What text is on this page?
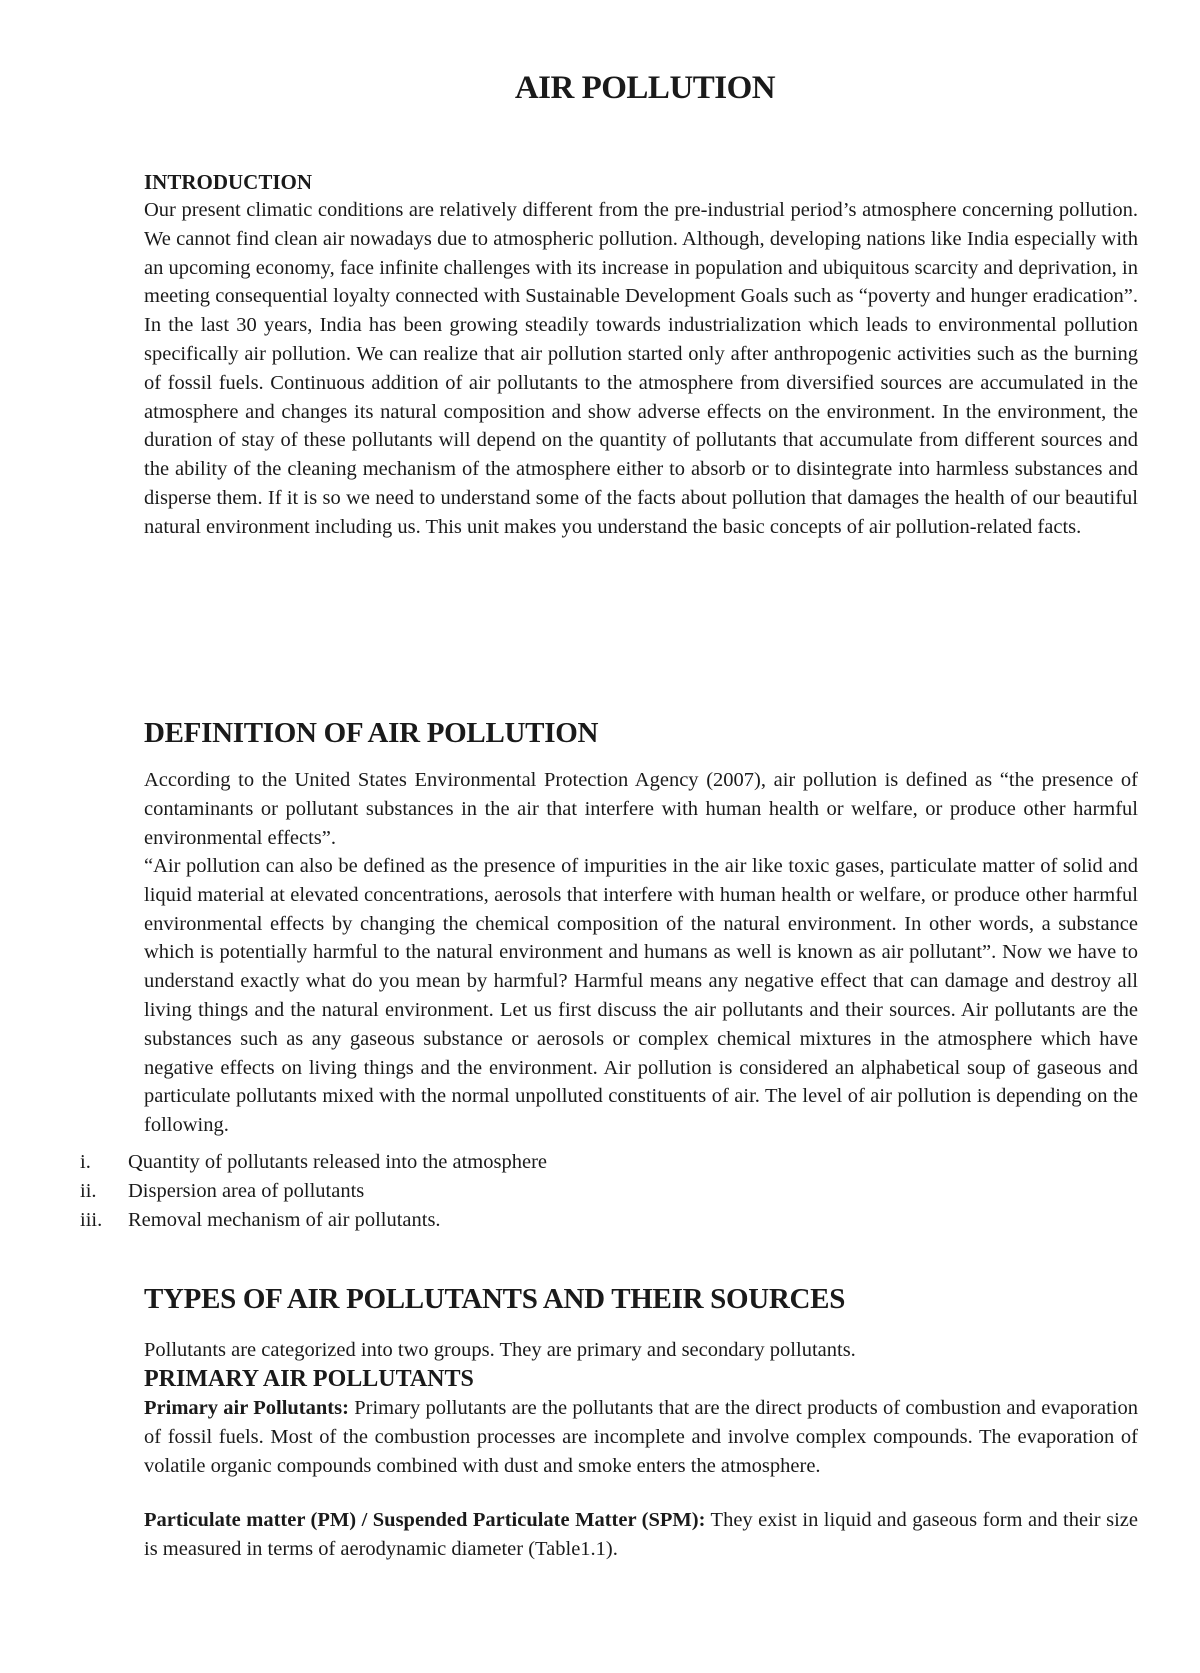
AIR POLLUTION
INTRODUCTION

Our present climatic conditions are relatively different from the pre-industrial period’s atmosphere concerning pollution. We cannot find clean air nowadays due to atmospheric pollution. Although, developing nations like India especially with an upcoming economy, face infinite challenges with its increase in population and ubiquitous scarcity and deprivation, in meeting consequential loyalty connected with Sustainable Development Goals such as “poverty and hunger eradication”. In the last 30 years, India has been growing steadily towards industrialization which leads to environmental pollution specifically air pollution. We can realize that air pollution started only after anthropogenic activities such as the burning of fossil fuels. Continuous addition of air pollutants to the atmosphere from diversified sources are accumulated in the atmosphere and changes its natural composition and show adverse effects on the environment. In the environment, the duration of stay of these pollutants will depend on the quantity of pollutants that accumulate from different sources and the ability of the cleaning mechanism of the atmosphere either to absorb or to disintegrate into harmless substances and disperse them. If it is so we need to understand some of the facts about pollution that damages the health of our beautiful natural environment including us. This unit makes you understand the basic concepts of air pollution-related facts.

DEFINITION OF AIR POLLUTION

According to the United States Environmental Protection Agency (2007), air pollution is defined as “the presence of contaminants or pollutant substances in the air that interfere with human health or welfare, or produce other harmful environmental effects”.

“Air pollution can also be defined as the presence of impurities in the air like toxic gases, particulate matter of solid and liquid material at elevated concentrations, aerosols that interfere with human health or welfare, or produce other harmful environmental effects by changing the chemical composition of the natural environment. In other words, a substance which is potentially harmful to the natural environment and humans as well is known as air pollutant”. Now we have to understand exactly what do you mean by harmful? Harmful means any negative effect that can damage and destroy all living things and the natural environment. Let us first discuss the air pollutants and their sources. Air pollutants are the substances such as any gaseous substance or aerosols or complex chemical mixtures in the atmosphere which have negative effects on living things and the environment. Air pollution is considered an alphabetical soup of gaseous and particulate pollutants mixed with the normal unpolluted constituents of air. The level of air pollution is depending on the following.

i.	Quantity of pollutants released into the atmosphere
ii.	Dispersion area of pollutants
iii.	Removal mechanism of air pollutants.
TYPES OF AIR POLLUTANTS AND THEIR SOURCES

Pollutants are categorized into two groups. They are primary and secondary pollutants.

PRIMARY AIR POLLUTANTS

Primary air Pollutants: Primary pollutants are the pollutants that are the direct products of combustion and evaporation of fossil fuels. Most of the combustion processes are incomplete and involve complex compounds. The evaporation of volatile organic compounds combined with dust and smoke enters the atmosphere.

Particulate matter (PM) / Suspended Particulate Matter (SPM): They exist in liquid and gaseous form and their size is measured in terms of aerodynamic diameter (Table1.1).
